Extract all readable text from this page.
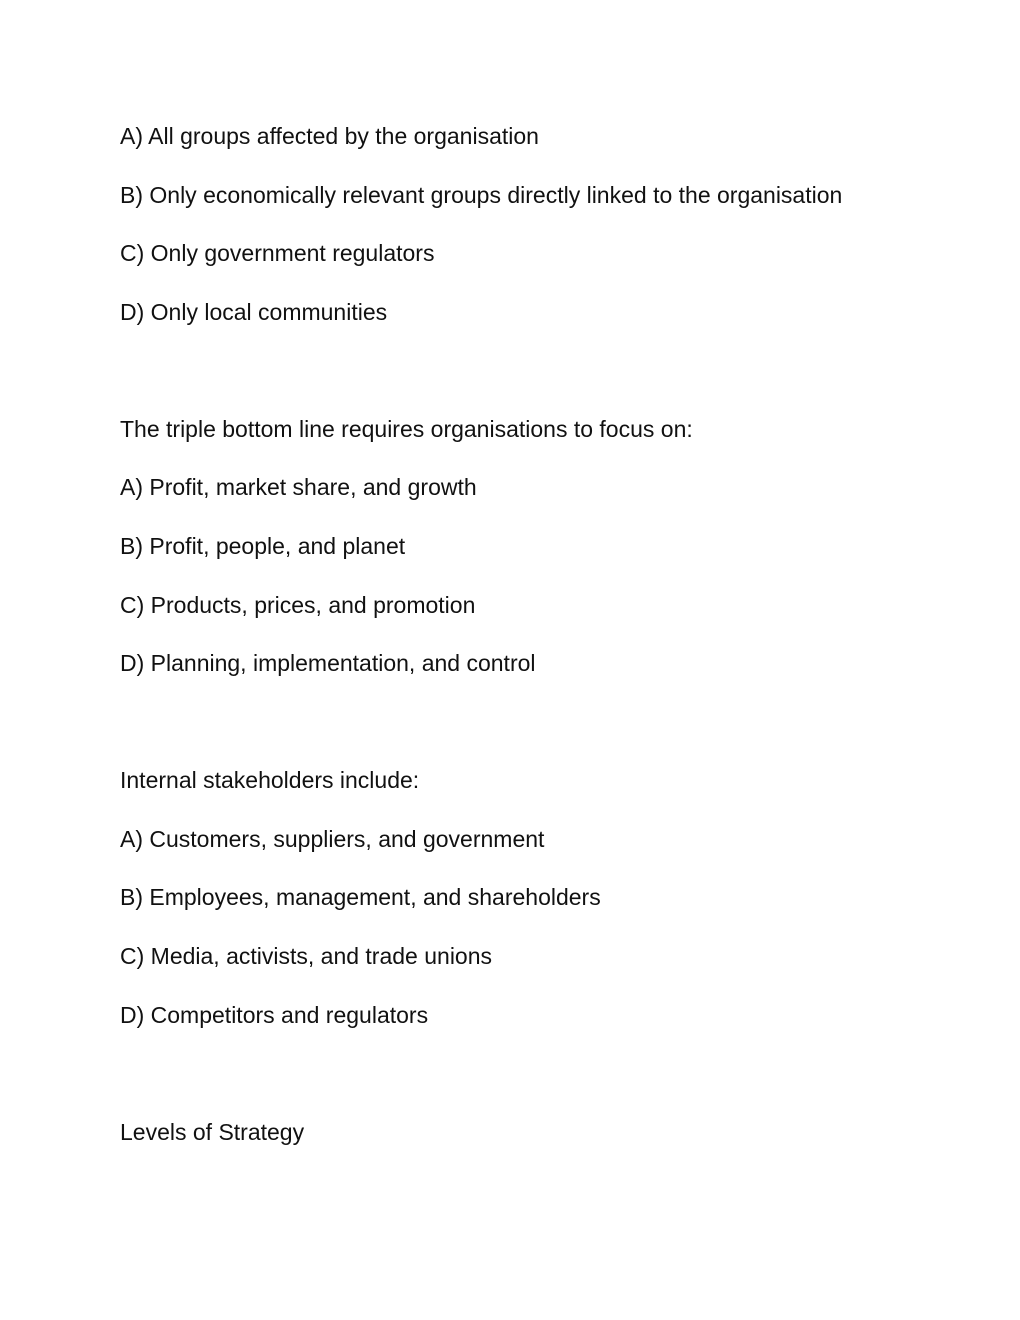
A) All groups affected by the organisation
B) Only economically relevant groups directly linked to the organisation
C) Only government regulators
D) Only local communities
The triple bottom line requires organisations to focus on:
A) Profit, market share, and growth
B) Profit, people, and planet
C) Products, prices, and promotion
D) Planning, implementation, and control
Internal stakeholders include:
A) Customers, suppliers, and government
B) Employees, management, and shareholders
C) Media, activists, and trade unions
D) Competitors and regulators
Levels of Strategy
